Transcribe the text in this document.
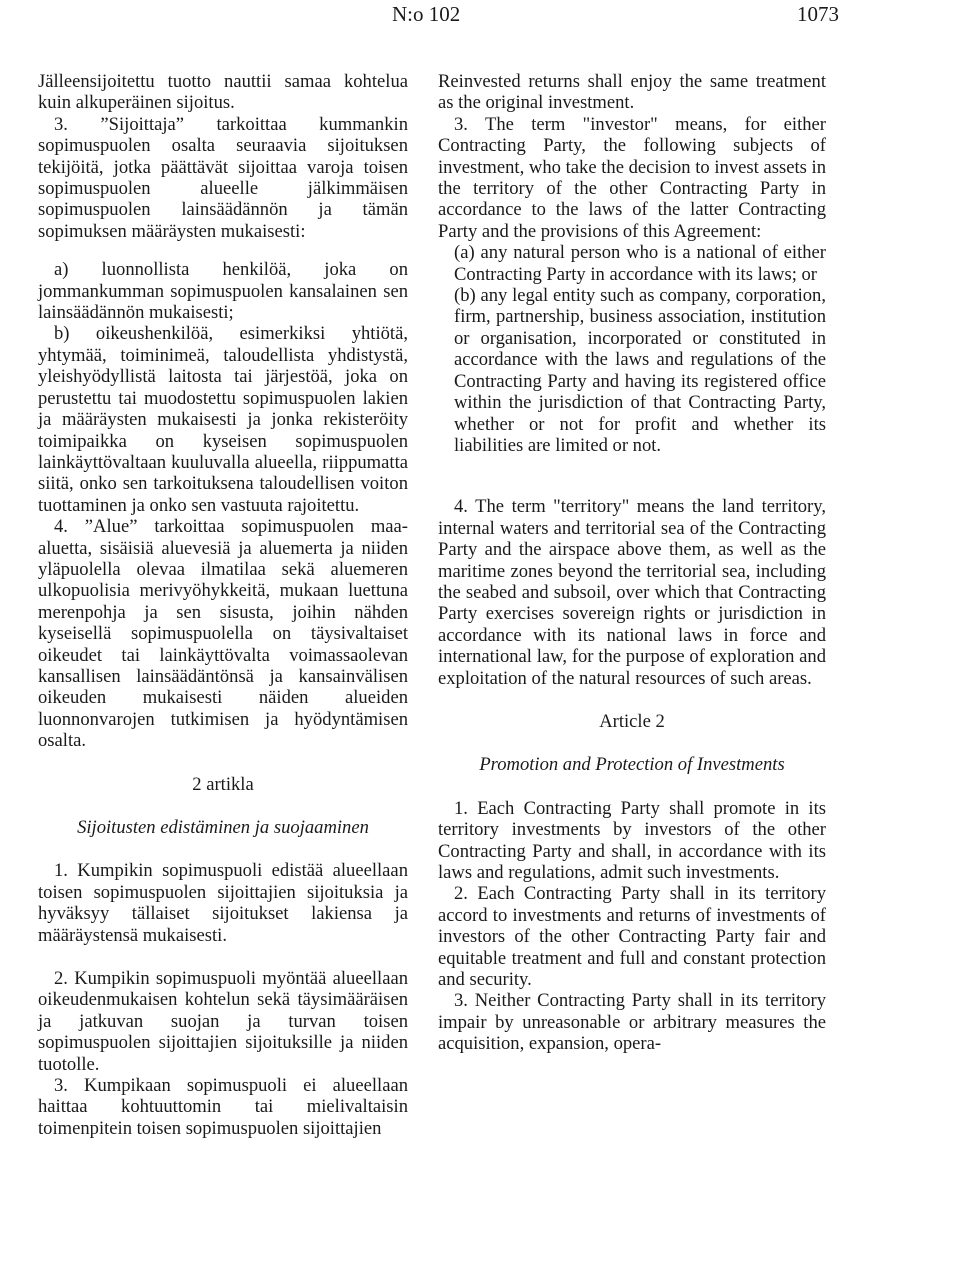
N:o 102	1073

Jälleensijoitettu tuotto nauttii samaa kohtelua kuin alkuperäinen sijoitus.

3. ”Sijoittaja” tarkoittaa kummankin sopimuspuolen osalta seuraavia sijoituksen tekijöitä, jotka päättävät sijoittaa varoja toisen sopimuspuolen alueelle jälkimmäisen sopimuspuolen lainsäädännön ja tämän sopimuksen määräysten mukaisesti:

a) luonnollista henkilöä, joka on jommankumman sopimuspuolen kansalainen sen lainsäädännön mukaisesti;

b) oikeushenkilöä, esimerkiksi yhtiötä, yhtymää, toiminimeä, taloudellista yhdistystä, yleishyödyllistä laitosta tai järjestöä, joka on perustettu tai muodostettu sopimuspuolen lakien ja määräysten mukaisesti ja jonka rekisteröity toimipaikka on kyseisen sopimuspuolen lainkäyttövaltaan kuuluvalla alueella, riippumatta siitä, onko sen tarkoituksena taloudellisen voiton tuottaminen ja onko sen vastuuta rajoitettu.

4. ”Alue” tarkoittaa sopimuspuolen maa-aluetta, sisäisiä aluevesiä ja aluemerta ja niiden yläpuolella olevaa ilmatilaa sekä aluemeren ulkopuolisia merivyöhykkeitä, mukaan luettuna merenpohja ja sen sisusta, joihin nähden kyseisellä sopimuspuolella on täysivaltaiset oikeudet tai lainkäyttövalta voimassaolevan kansallisen lainsäädäntönsä ja kansainvälisen oikeuden mukaisesti näiden alueiden luonnonvarojen tutkimisen ja hyödyntämisen osalta.

2 artikla

Sijoitusten edistäminen ja suojaaminen

1. Kumpikin sopimuspuoli edistää alueellaan toisen sopimuspuolen sijoittajien sijoituksia ja hyväksyy tällaiset sijoitukset lakiensa ja määräystensä mukaisesti.

2. Kumpikin sopimuspuoli myöntää alueellaan oikeudenmukaisen kohtelun sekä täysimääräisen ja jatkuvan suojan ja turvan toisen sopimuspuolen sijoittajien sijoituksille ja niiden tuotolle.

3. Kumpikaan sopimuspuoli ei alueellaan haittaa kohtuuttomin tai mielivaltaisin toimenpitein toisen sopimuspuolen sijoittajien

Reinvested returns shall enjoy the same treatment as the original investment.

3. The term "investor" means, for either Contracting Party, the following subjects of investment, who take the decision to invest assets in the territory of the other Contracting Party in accordance to the laws of the latter Contracting Party and the provisions of this Agreement:

(a) any natural person who is a national of either Contracting Party in accordance with its laws; or

(b) any legal entity such as company, corporation, firm, partnership, business association, institution or organisation, incorporated or constituted in accordance with the laws and regulations of the Contracting Party and having its registered office within the jurisdiction of that Contracting Party, whether or not for profit and whether its liabilities are limited or not.

4. The term "territory" means the land territory, internal waters and territorial sea of the Contracting Party and the airspace above them, as well as the maritime zones beyond the territorial sea, including the seabed and subsoil, over which that Contracting Party exercises sovereign rights or jurisdiction in accordance with its national laws in force and international law, for the purpose of exploration and exploitation of the natural resources of such areas.

Article 2

Promotion and Protection of Investments

1. Each Contracting Party shall promote in its territory investments by investors of the other Contracting Party and shall, in accordance with its laws and regulations, admit such investments.

2. Each Contracting Party shall in its territory accord to investments and returns of investments of investors of the other Contracting Party fair and equitable treatment and full and constant protection and security.

3. Neither Contracting Party shall in its territory impair by unreasonable or arbitrary measures the acquisition, expansion, opera-
